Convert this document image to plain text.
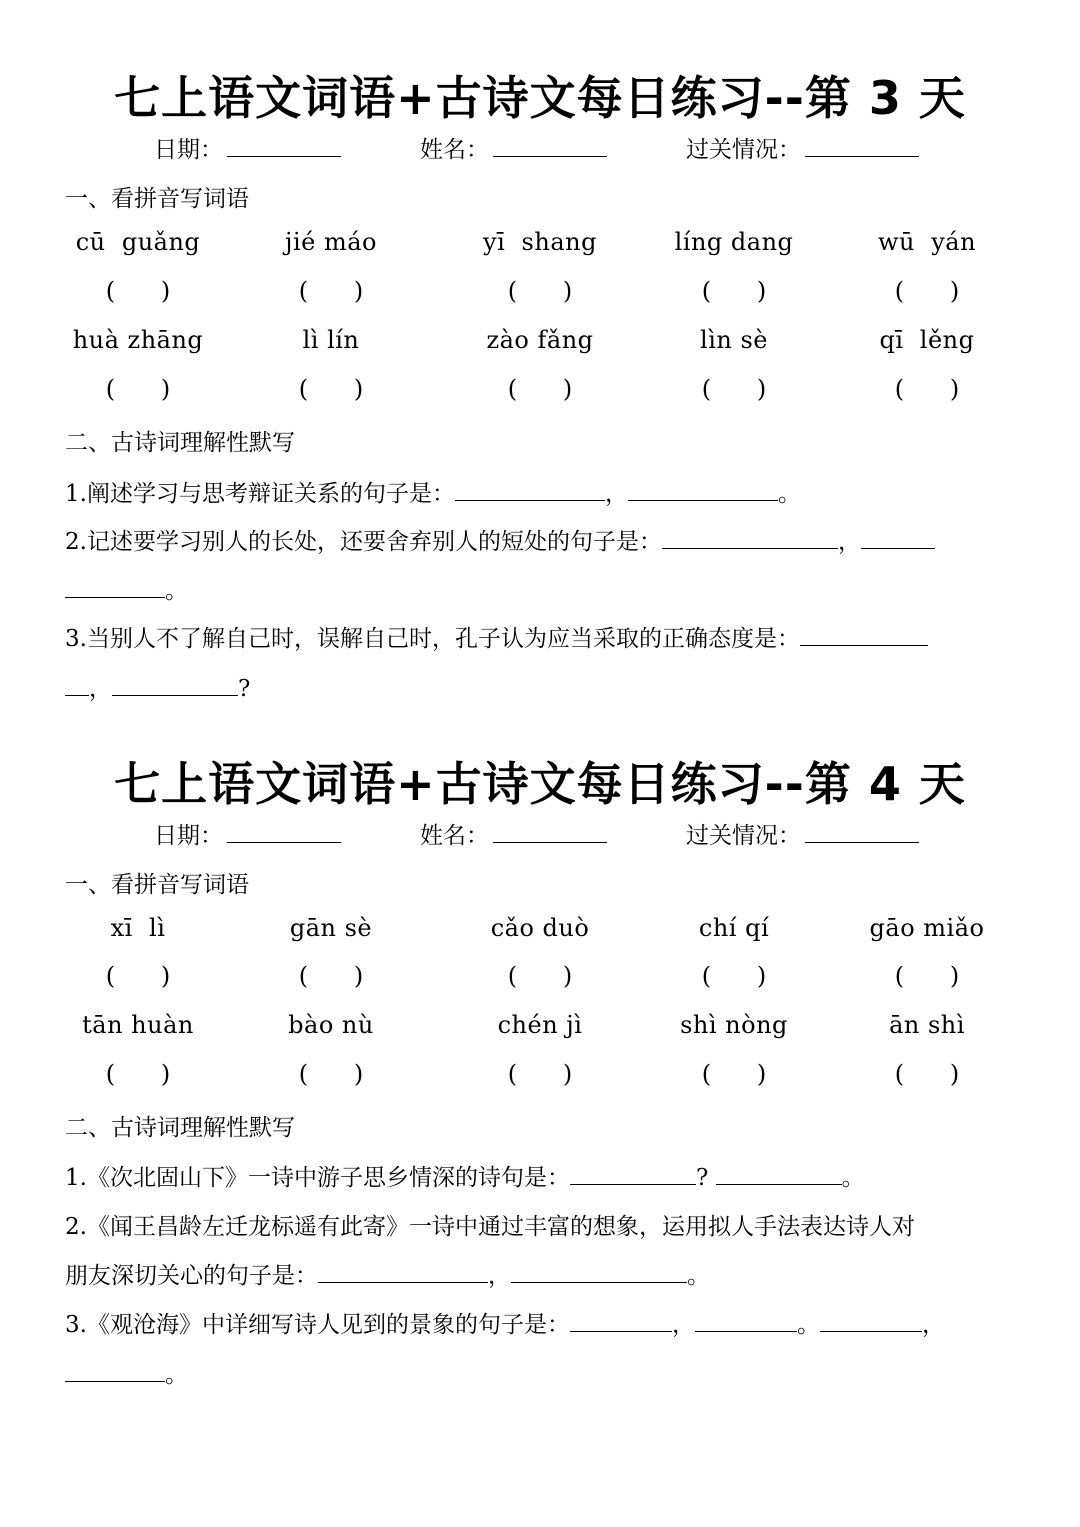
七上语文词语+古诗文每日练习--第 3 天
日期：	姓名：	过关情况：
一、看拼音写词语
cū  guǎng	jié máo	yī  shang	líng dang	wū  yán
(      )	(      )	(      )	(      )	(      )
huà zhāng	lì lín	zào fǎng	lìn sè	qī  lěng
(      )	(      )	(      )	(      )	(      )
二、古诗词理解性默写
1.阐述学习与思考辩证关系的句子是：	，	。
2.记述要学习别人的长处，还要舍弃别人的短处的句子是：	，
。
3.当别人不了解自己时，误解自己时，孔子认为应当采取的正确态度是：
，	?
七上语文词语+古诗文每日练习--第 4 天
日期：	姓名：	过关情况：
一、看拼音写词语
xī  lì	gān sè	cǎo duò	chí qí	gāo miǎo
(      )	(      )	(      )	(      )	(      )
tān huàn	bào nù	chén jì	shì nòng	ān shì
(      )	(      )	(      )	(      )	(      )
二、古诗词理解性默写
1.《次北固山下》一诗中游子思乡情深的诗句是：	?	。
2.《闻王昌龄左迁龙标遥有此寄》一诗中通过丰富的想象，运用拟人手法表达诗人对
朋友深切关心的句子是：	，	。
3.《观沧海》中详细写诗人见到的景象的句子是：	，	。	，
。
